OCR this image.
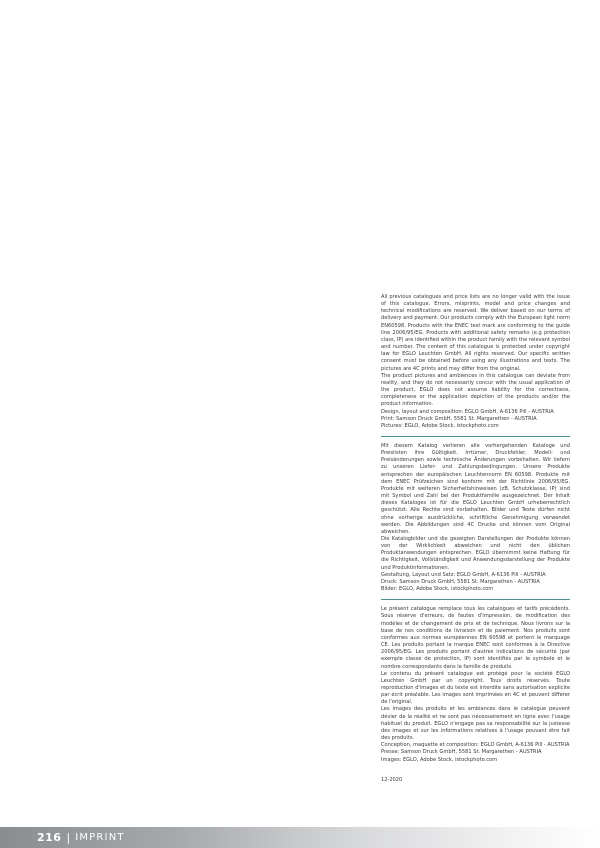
All previous catalogues and price lists are no longer valid with the issue of this catalogue. Errors, misprints, model and price changes and technical modifications are reserved. We deliver based on our terms of delivery and payment. Our products comply with the European light norm EN60598. Products with the ENEC test mark are conforming to the guide line 2006/95/EG. Products with additional safety remarks (e.g protection class, IP) are identified within the product family with the relevant symbol and number. The content of this catalogue is protected under copyright law for EGLO Leuchten GmbH. All rights reserved. Our specific written consent must be obtained before using any illustrations and texts. The pictures are 4C prints and may differ from the original.

The product pictures and ambiences in this catalogue can deviate from reality, and they do not necessarily concur with the usual application of the product. EGLO does not assume liability for the correctness, completeness or the application depiction of the products and/or the product information.

Design, layout and composition: EGLO GmbH, A-6136 Pill - AUSTRIA

Print: Samson Druck GmbH, 5581 St. Margarethen - AUSTRIA

Pictures: EGLO, Adobe Stock, istockphoto.com

Mit diesem Katalog verlieren alle vorhergehenden Kataloge und Preislisten ihre Gültigkeit. Irrtümer, Druckfehler, Modell- und Preisänderungen sowie technische Änderungen vorbehalten. Wir liefern zu unseren Liefer- und Zahlungsbedingungen. Unsere Produkte entsprechen der europäischen Leuchtennorm EN 60598. Produkte mit dem ENEC Prüfzeichen sind konform mit der Richtlinie 2006/95/EG. Produkte mit weiteren Sicherheitshinweisen (zB. Schutzklasse, IP) sind mit Symbol und Zahl bei der Produktfamilie ausgezeichnet. Der Inhalt dieses Kataloges ist für die EGLO Leuchten GmbH urheberrechtlich geschützt. Alle Rechte sind vorbehalten. Bilder und Texte dürfen nicht ohne vorherige ausdrückliche, schriftliche Genehmigung verwendet werden. Die Abbildungen sind 4C Drucke und können vom Original abweichen.

Die Katalogbilder und die gezeigten Darstellungen der Produkte können von der Wirklichkeit abweichen und nicht den üblichen Produktanwendungen entsprechen. EGLO übernimmt keine Haftung für die Richtigkeit, Vollständigkeit und Anwendungsdarstellung der Produkte und Produktinformationen.

Gestaltung, Layout und Satz: EGLO GmbH, A-6136 Pill - AUSTRIA

Druck: Samson Druck GmbH, 5581 St. Margarethen - AUSTRIA

Bilder: EGLO, Adobe Stock, istockphoto.com

Le présent catalogue remplace tous les catalogues et tarifs précédents. Sous réserve d'erreurs, de fautes d'impression, de modification des modèles et de changement de prix et de technique. Nous livrons sur la base de nos conditions de livraison et de paiement. Nos produits sont conformes aux normes européennes EN 60598 et portent le marquage CE. Les produits portant la marque ENEC sont conformes à la Directive 2006/95/EG. Les produits portant d'autres indications de sécurité (par exemple classe de protection, IP) sont identifiés par le symbole et le nombre correspondants dans la famille de produits.

Le contenu du présent catalogue est protégé pour la société EGLO Leuchten GmbH par un copyright. Tous droits réservés. Toute reproduction d'images et du texte est interdite sans autorisation explicite par écrit préalable. Les images sont imprimées en 4C et peuvent différer de l'original.

Les images des produits et les ambiances dans le catalogue peuvent dévier de la réalité et ne sont pas nécessairement en ligne avec l'usage habituel du produit. EGLO n'engage pas sa responsabilité sur la justesse des images et sur les informations relatives à l'usage pouvant être fait des produits.

Conception, maquette et composition: EGLO GmbH, A-6136 Pill - AUSTRIA

Presse: Samson Druck GmbH, 5581 St. Margarethen - AUSTRIA

Images: EGLO, Adobe Stock, istockphoto.com

12-2020
216 | IMPRINT
